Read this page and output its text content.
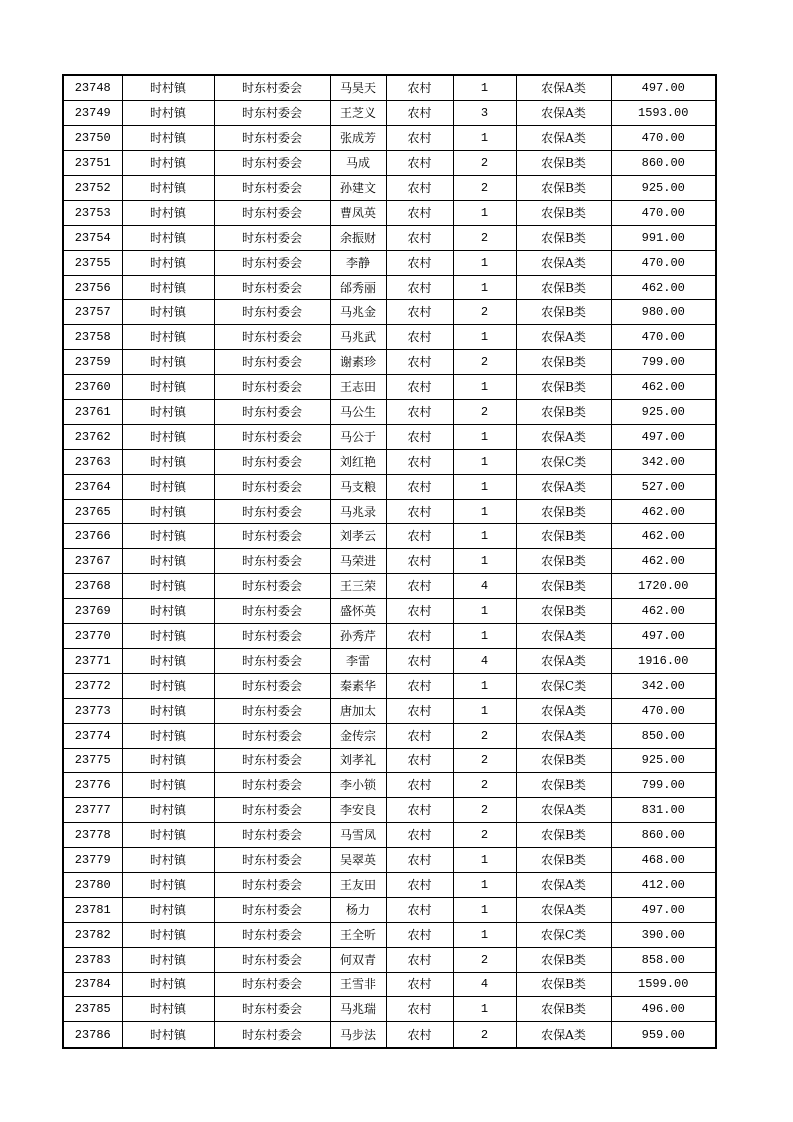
23748	时村镇	时东村委会	马昊天	农村	1	农保A类	497.00
23749	时村镇	时东村委会	王芝义	农村	3	农保A类	1593.00
23750	时村镇	时东村委会	张成芳	农村	1	农保A类	470.00
23751	时村镇	时东村委会	马成	农村	2	农保B类	860.00
23752	时村镇	时东村委会	孙建文	农村	2	农保B类	925.00
23753	时村镇	时东村委会	曹凤英	农村	1	农保B类	470.00
23754	时村镇	时东村委会	余振财	农村	2	农保B类	991.00
23755	时村镇	时东村委会	李静	农村	1	农保A类	470.00
23756	时村镇	时东村委会	邰秀丽	农村	1	农保B类	462.00
23757	时村镇	时东村委会	马兆金	农村	2	农保B类	980.00
23758	时村镇	时东村委会	马兆武	农村	1	农保A类	470.00
23759	时村镇	时东村委会	谢素珍	农村	2	农保B类	799.00
23760	时村镇	时东村委会	王志田	农村	1	农保B类	462.00
23761	时村镇	时东村委会	马公生	农村	2	农保B类	925.00
23762	时村镇	时东村委会	马公于	农村	1	农保A类	497.00
23763	时村镇	时东村委会	刘红艳	农村	1	农保C类	342.00
23764	时村镇	时东村委会	马支粮	农村	1	农保A类	527.00
23765	时村镇	时东村委会	马兆录	农村	1	农保B类	462.00
23766	时村镇	时东村委会	刘孝云	农村	1	农保B类	462.00
23767	时村镇	时东村委会	马荣进	农村	1	农保B类	462.00
23768	时村镇	时东村委会	王三荣	农村	4	农保B类	1720.00
23769	时村镇	时东村委会	盛怀英	农村	1	农保B类	462.00
23770	时村镇	时东村委会	孙秀芹	农村	1	农保A类	497.00
23771	时村镇	时东村委会	李雷	农村	4	农保A类	1916.00
23772	时村镇	时东村委会	秦素华	农村	1	农保C类	342.00
23773	时村镇	时东村委会	唐加太	农村	1	农保A类	470.00
23774	时村镇	时东村委会	金传宗	农村	2	农保A类	850.00
23775	时村镇	时东村委会	刘孝礼	农村	2	农保B类	925.00
23776	时村镇	时东村委会	李小锁	农村	2	农保B类	799.00
23777	时村镇	时东村委会	李安良	农村	2	农保A类	831.00
23778	时村镇	时东村委会	马雪凤	农村	2	农保B类	860.00
23779	时村镇	时东村委会	吴翠英	农村	1	农保B类	468.00
23780	时村镇	时东村委会	王友田	农村	1	农保A类	412.00
23781	时村镇	时东村委会	杨力	农村	1	农保A类	497.00
23782	时村镇	时东村委会	王全听	农村	1	农保C类	390.00
23783	时村镇	时东村委会	何双青	农村	2	农保B类	858.00
23784	时村镇	时东村委会	王雪非	农村	4	农保B类	1599.00
23785	时村镇	时东村委会	马兆瑞	农村	1	农保B类	496.00
23786	时村镇	时东村委会	马步法	农村	2	农保A类	959.00
